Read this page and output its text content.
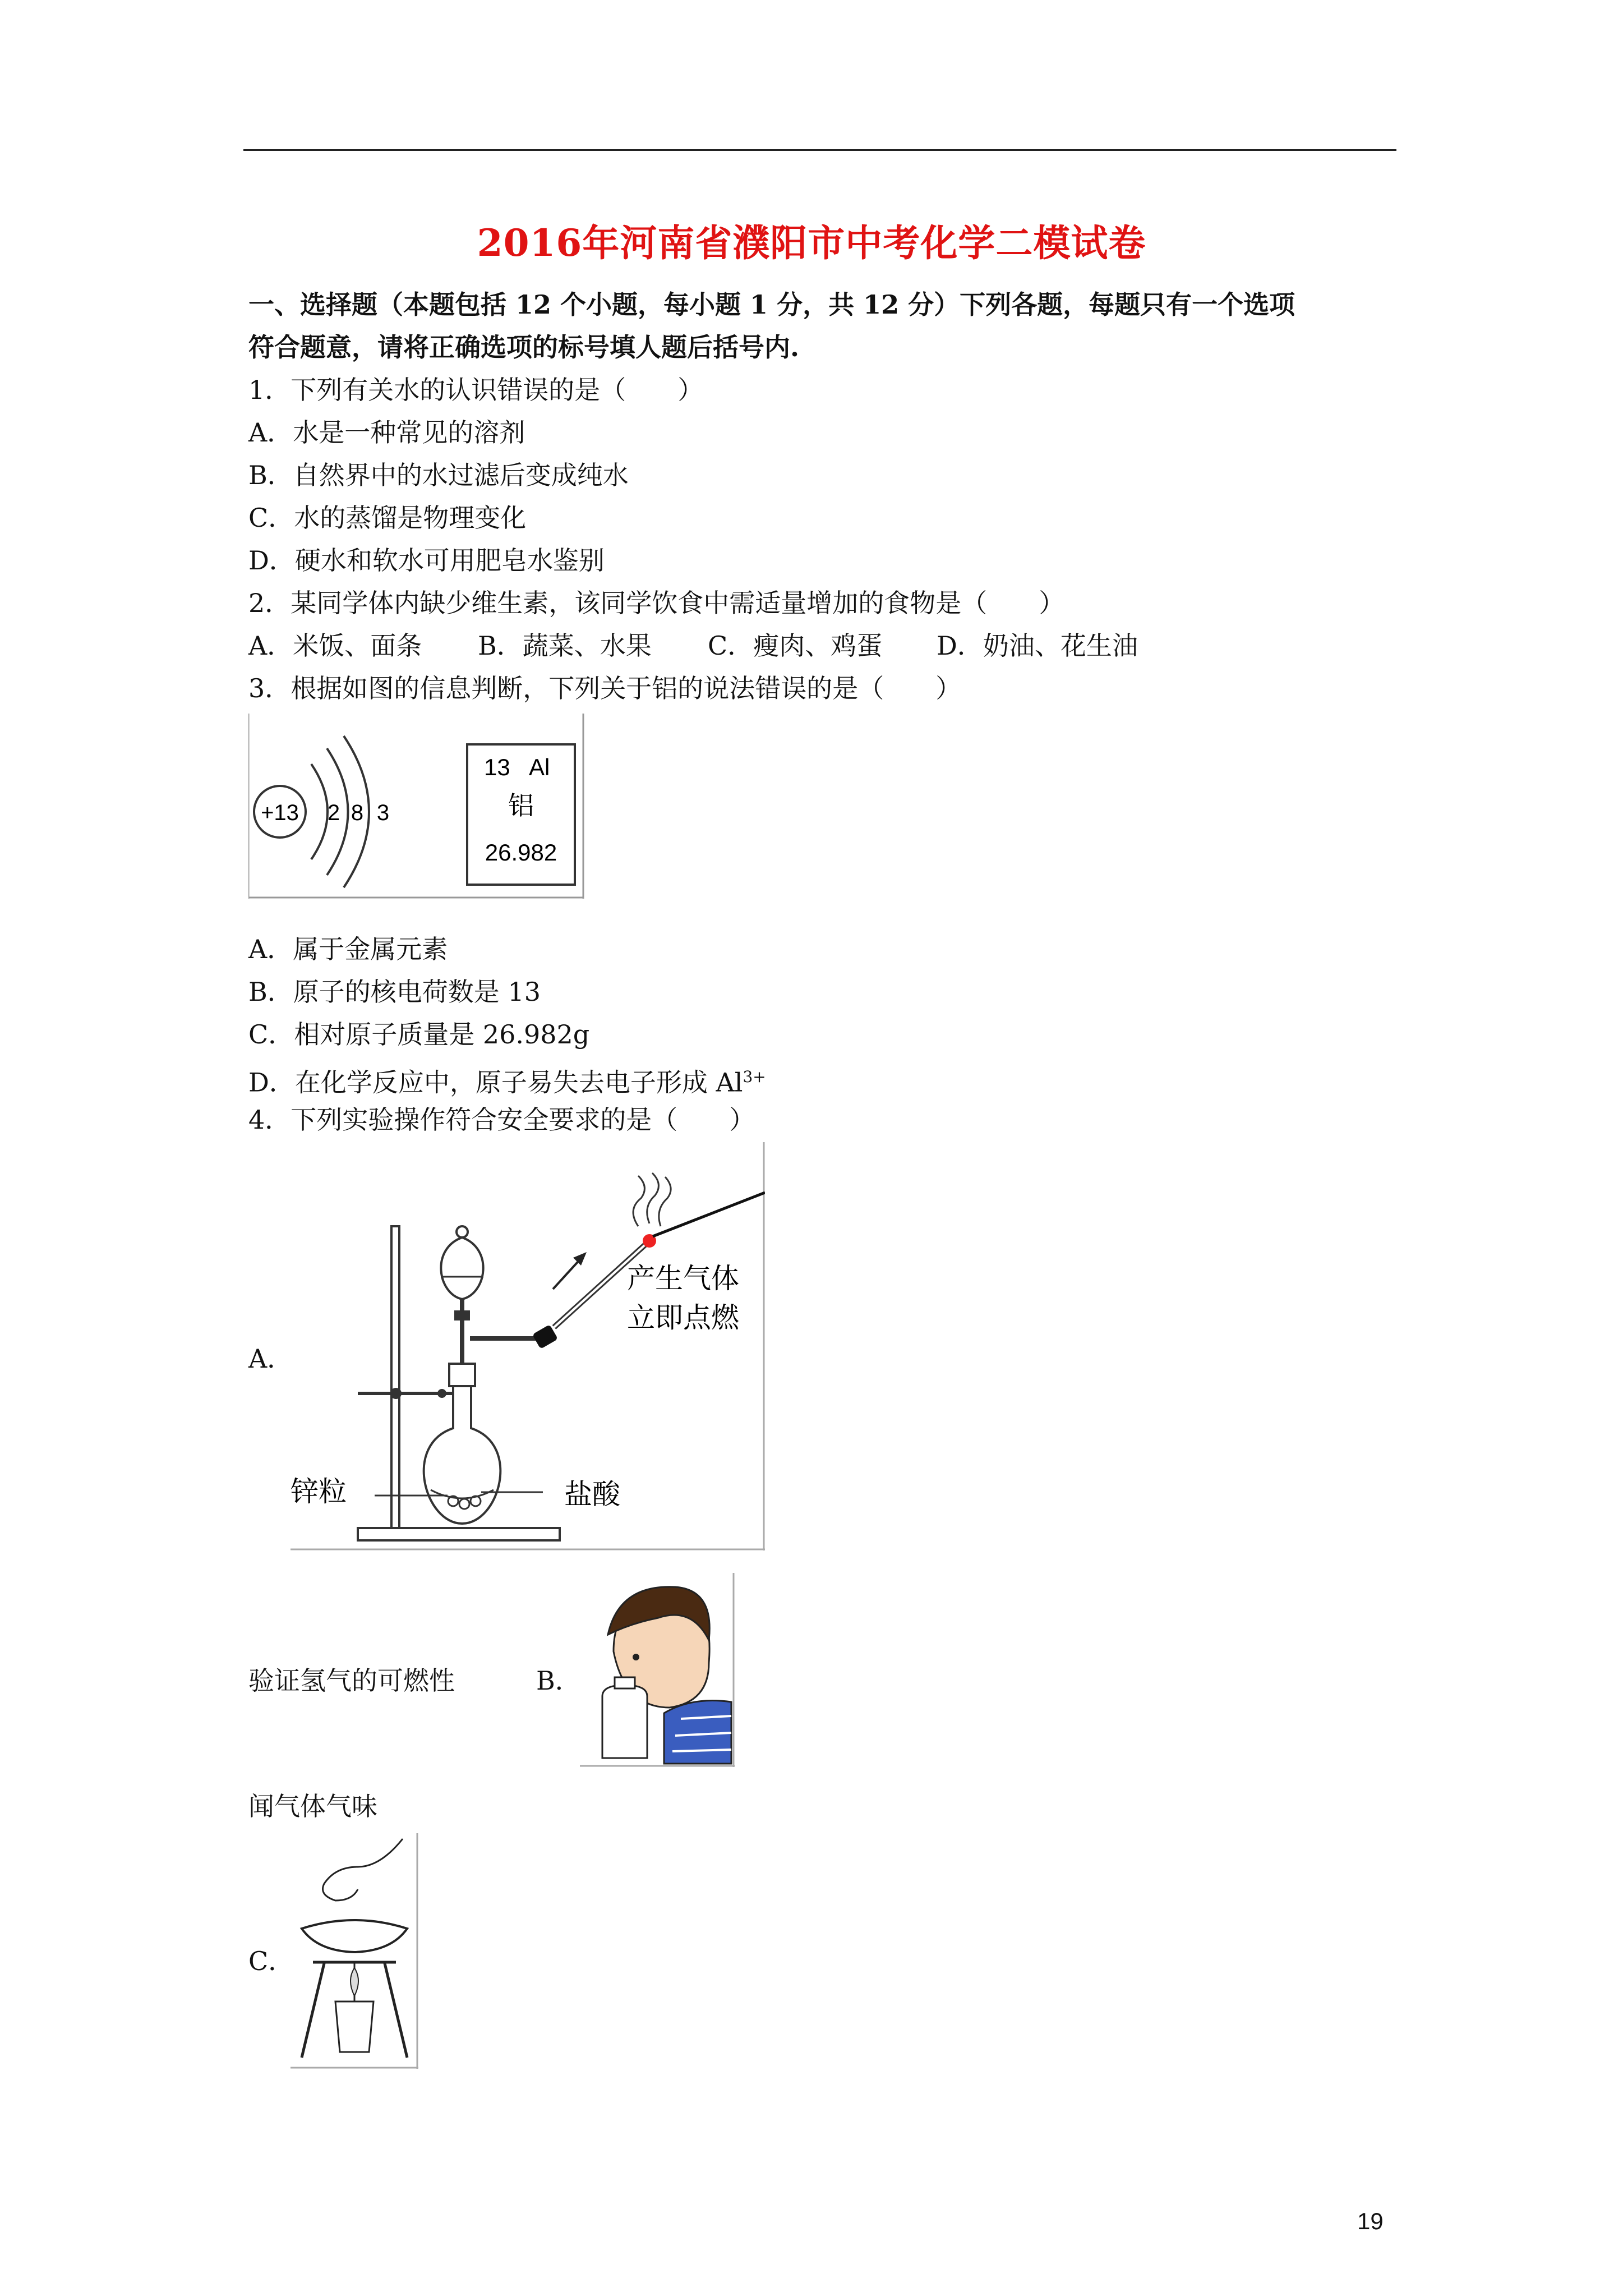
2016年河南省濮阳市中考化学二模试卷
一、选择题（本题包括 12 个小题，每小题 1 分，共 12 分）下列各题，每题只有一个选项
符合题意，请将正确选项的标号填人题后括号内.
1．下列有关水的认识错误的是（　　）
A．水是一种常见的溶剂
B．自然界中的水过滤后变成纯水
C．水的蒸馏是物理变化
D．硬水和软水可用肥皂水鉴别
2．某同学体内缺少维生素，该同学饮食中需适量增加的食物是（　　）
A．米饭、面条 B．蔬菜、水果 C．瘦肉、鸡蛋 D．奶油、花生油
3．根据如图的信息判断，下列关于铝的说法错误的是（　　）
+13 2 8 3
13 Al
铝
26.982
A．属于金属元素
B．原子的核电荷数是 13
C．相对原子质量是 26.982g
D．在化学反应中，原子易失去电子形成 $Al^{3+}$
4．下列实验操作符合安全要求的是（　　）
A．
产生气体
立即点燃
锌粒	盐酸
验证氢气的可燃性	B．
闻气体气味
C．
19
